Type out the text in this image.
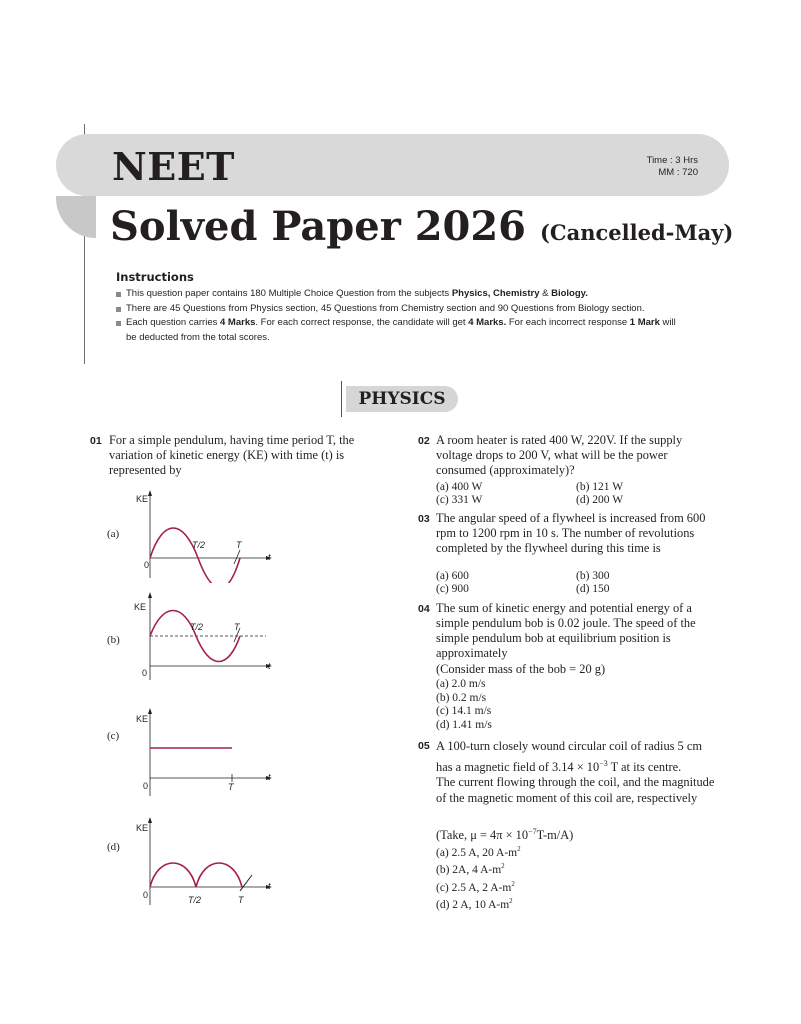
NEET	Time : 3 Hrs
MM : 720
Solved Paper 2026 (Cancelled-May)
Instructions
This question paper contains 180 Multiple Choice Question from the subjects Physics, Chemistry & Biology.
There are 45 Questions from Physics section, 45 Questions from Chemistry section and 90 Questions from Biology section.
Each question carries 4 Marks. For each correct response, the candidate will get 4 Marks. For each incorrect response 1 Mark will be deducted from the total scores.
PHYSICS
01 For a simple pendulum, having time period T, the variation of kinetic energy (KE) with time (t) is represented by
(a)
KE
0
T/2	T
t
(b)
KE
0
T/2	T
t
(c)
KE
0	T
t
(d)
KE
0	T/2	T
t
02 A room heater is rated 400 W, 220V. If the supply voltage drops to 200 V, what will be the power consumed (approximately)?
(a) 400 W	(b) 121 W
(c) 331 W	(d) 200 W
03 The angular speed of a flywheel is increased from 600 rpm to 1200 rpm in 10 s. The number of revolutions completed by the flywheel during this time is
(a) 600	(b) 300
(c) 900	(d) 150
04 The sum of kinetic energy and potential energy of a simple pendulum bob is 0.02 joule. The speed of the simple pendulum bob at equilibrium position is approximately
(Consider mass of the bob = 20 g)
(a) 2.0 m/s
(b) 0.2 m/s
(c) 14.1 m/s
(d) 1.41 m/s
05 A 100-turn closely wound circular coil of radius 5 cm has a magnetic field of $3.14 \times 10^{-3}$ T at its centre.
The current flowing through the coil, and the magnitude of the magnetic moment of this coil are, respectively
(Take, $\mu = 4\pi \times 10^{-7}T-m/A$)
(a) 2.5 A, 20 $A-m^2$
(b) 2A, 4 $A-m^2$
(c) 2.5 A, 2 $A-m^2$
(d) 2 A, 10 $A-m^2$
